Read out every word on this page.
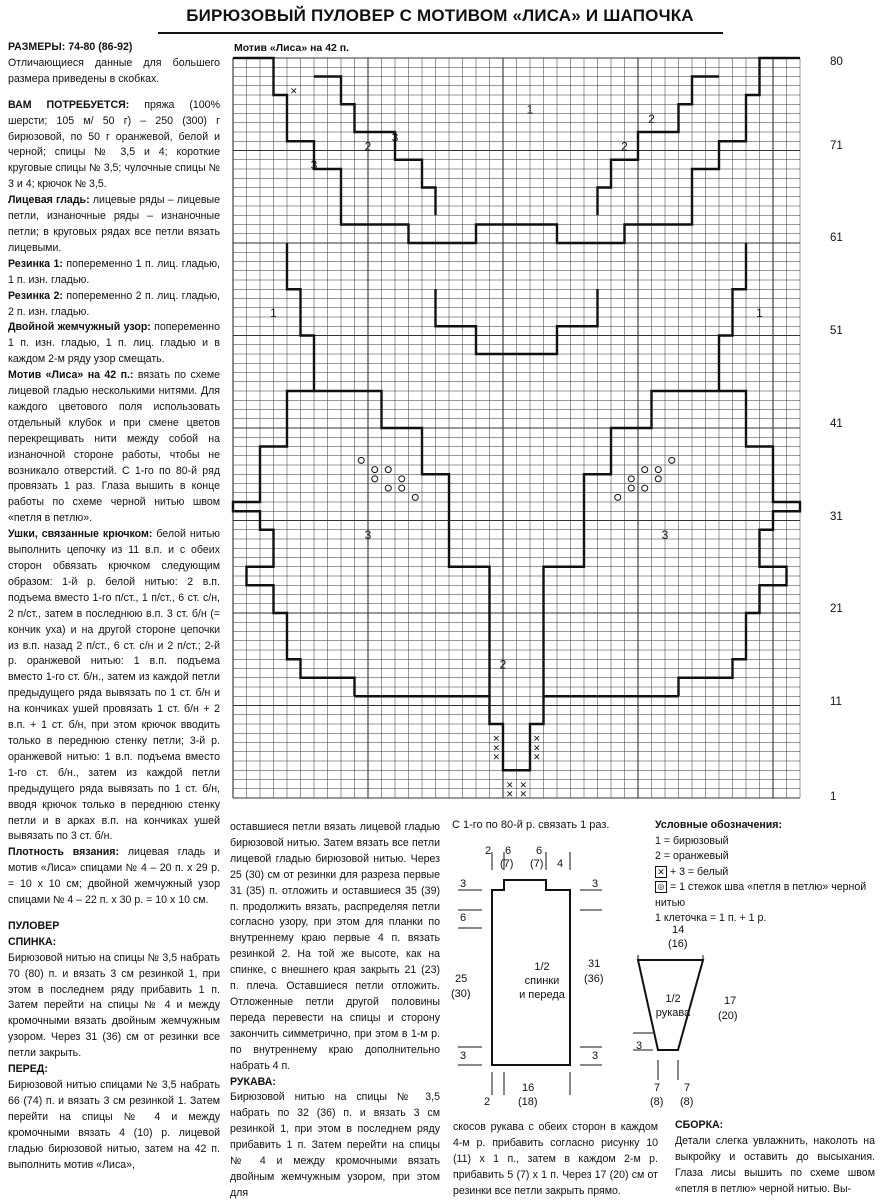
БИРЮЗОВЫЙ ПУЛОВЕР С МОТИВОМ «ЛИСА» И ШАПОЧКА

РАЗМЕРЫ: 74-80 (86-92)

Отличающиеся данные для большего размера приведены в скобках.

ВАМ ПОТРЕБУЕТСЯ: пряжа (100% шерсти; 105 м/ 50 г) – 250 (300) г бирюзовой, по 50 г оранжевой, белой и черной; спицы № 3,5 и 4; короткие круговые спицы № 3,5; чулочные спицы № 3 и 4; крючок № 3,5.

Лицевая гладь: лицевые ряды – лицевые петли, изнаночные ряды – изнаночные петли; в круговых рядах все петли вязать лицевыми.

Резинка 1: попеременно 1 п. лиц. гладью, 1 п. изн. гладью.

Резинка 2: попеременно 2 п. лиц. гладью, 2 п. изн. гладью.

Двойной жемчужный узор: попеременно 1 п. изн. гладью, 1 п. лиц. гладью и в каждом 2-м ряду узор смещать.

Мотив «Лиса» на 42 п.: вязать по схеме лицевой гладью несколькими нитями. Для каждого цветового поля использовать отдельный клубок и при смене цветов перекрещивать нити между собой на изнаночной стороне работы, чтобы не возникало отверстий. С 1-го по 80-й ряд провязать 1 раз. Глаза вышить в конце работы по схеме черной нитью швом «петля в петлю».

Ушки, связанные крючком: белой нитью выполнить цепочку из 11 в.п. и с обеих сторон обвязать крючком следующим образом: 1-й р. белой нитью: 2 в.п. подъема вместо 1-го п/ст., 1 п/ст., 6 ст. с/н, 2 п/ст., затем в последнюю в.п. 3 ст. б/н (= кончик уха) и на другой стороне цепочки из в.п. назад 2 п/ст., 6 ст. с/н и 2 п/ст.; 2-й р. оранжевой нитью: 1 в.п. подъема вместо 1-го ст. б/н., затем из каждой петли предыдущего ряда вывязать по 1 ст. б/н и на кончиках ушей провязать 1 ст. б/н + 2 в.п. + 1 ст. б/н, при этом крючок вводить только в переднюю стенку петли; 3-й р. оранжевой нитью: 1 в.п. подъема вместо 1-го ст. б/н., затем из каждой петли предыдущего ряда вывязать по 1 ст. б/н, вводя крючок только в переднюю стенку петли и в арках в.п. на кончиках ушей вывязать по 3 ст. б/н.

Плотность вязания: лицевая гладь и мотив «Лиса» спицами № 4 – 20 п. х 29 р. = 10 х 10 см; двойной жемчужный узор спицами № 4 – 22 п. х 30 р. = 10 х 10 см.

ПУЛОВЕР

СПИНКА:

Бирюзовой нитью на спицы № 3,5 набрать 70 (80) п. и вязать 3 см резинкой 1, при этом в последнем ряду прибавить 1 п. Затем перейти на спицы № 4 и между кромочными вязать двойным жемчужным узором. Через 31 (36) см от резинки все петли закрыть.

ПЕРЕД:

Бирюзовой нитью спицами № 3,5 набрать 66 (74) п. и вязать 3 см резинкой 1. Затем перейти на спицы № 4 и между кромочными вязать 4 (10) р. лицевой гладью бирюзовой нитью, затем на 42 п. выполнить мотив «Лиса»,

оставшиеся петли вязать лицевой гладью бирюзовой нитью. Затем вязать все петли лицевой гладью бирюзовой нитью. Через 25 (30) см от резинки для разреза первые 31 (35) п. отложить и оставшиеся 35 (39) п. продолжить вязать, распределяя петли согласно узору, при этом для планки по внутреннему краю первые 4 п. вязать резинкой 2. На той же высоте, как на спинке, с внешнего края закрыть 21 (23) п. плеча. Оставшиеся петли отложить. Отложенные петли другой половины переда перевести на спицы и сторону закончить симметрично, при этом в 1-м р. по внутреннему краю дополнительно набрать 4 п.

РУКАВА:

Бирюзовой нитью на спицы № 3,5 набрать по 32 (36) п. и вязать 3 см резинкой 1, при этом в последнем ряду прибавить 1 п. Затем перейти на спицы № 4 и между кромочными вязать двойным жемчужным узором, при этом для

скосов рукава с обеих сторон в каждом 4-м р. прибавить согласно рисунку 10 (11) х 1 п., затем в каждом 2-м р. прибавить 5 (7) х 1 п. Через 17 (20) см от резинки все петли закрыть прямо.

СБОРКА:

Детали слегка увлажнить, наколоть на выкройку и оставить до высыхания. Глаза лисы вышить по схеме швом «петля в петлю» черной нитью. Вы-

Мотив «Лиса» на 42 п.
✕
✕
✕
✕
✕
✕
✕ ✕
✕ ✕
✕
1
1	1
2	2
2
3
3
3	3
2
80
71
61
51
41
31
21
11
1
С 1-го по 80-й р. связать 1 раз.	Условные обозначения:
1 = бирюзовый
2 = оранжевый
✕ + 3 = белый
◎ = 1 стежок шва «петля в петлю» черной нитью
1 клеточка = 1 п. + 1 р.
2 6
(7)
6
(7) 4
3
6
25
(30)
3
3
31
(36)
3
1/2
спинки
и переда
2
16
(18)
14
(16)
17
(20)
1/2
рукава
3
7
(8)
7
(8)
